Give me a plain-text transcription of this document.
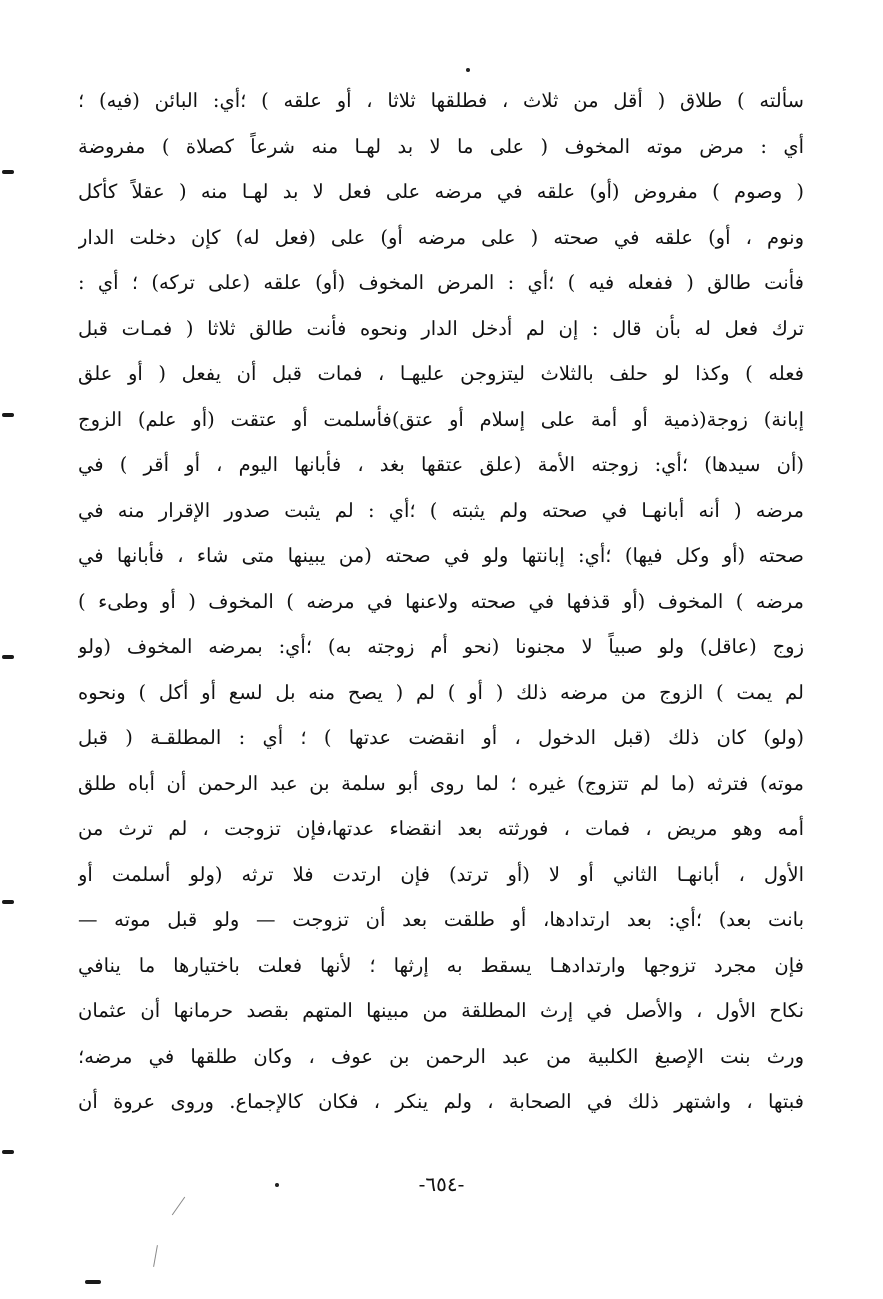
سألته ) طلاق ( أقل من ثلاث ، فطلقها ثلاثا ، أو علقه ) ؛أي: البائن (فيه) ؛
أي : مرض موته المخوف ( على ما لا بد لهـا منه شرعاً كصلاة ) مفروضة
( وصوم ) مفروض (أو) علقه في مرضه على فعل لا بد لهـا منه ( عقلاً كأكل
ونوم ، أو) علقه في صحته ( على مرضه أو) على (فعل له) كإن دخلت الدار
فأنت طالق ( ففعله فيه ) ؛أي : المرض المخوف (أو) علقه (على تركه) ؛ أي :
ترك فعل له بأن قال : إن لم أدخل الدار ونحوه فأنت طالق ثلاثا ( فمـات قبل
فعله ) وكذا لو حلف بالثلاث ليتزوجن عليهـا ، فمات قبل أن يفعل ( أو علق
إبانة) زوجة(ذمية أو أمة على إسلام أو عتق)فأسلمت أو عتقت (أو علم) الزوج
(أن سيدها) ؛أي: زوجته الأمة (علق عتقها بغد ، فأبانها اليوم ، أو أقر ) في
مرضه ( أنه أبانهـا في صحته ولم يثبته ) ؛أي : لم يثبت صدور الإقرار منه في
صحته (أو وكل فيها) ؛أي: إبانتها ولو في صحته (من يبينها متى شاء ، فأبانها في
مرضه ) المخوف (أو قذفها في صحته ولاعنها في مرضه ) المخوف ( أو وطىء )
زوج (عاقل) ولو صبياً لا مجنونا (نحو أم زوجته به) ؛أي: بمرضه المخوف (ولو
لم يمت ) الزوج من مرضه ذلك ( أو ) لم ( يصح منه بل لسع أو أكل ) ونحوه
(ولو) كان ذلك (قبل الدخول ، أو انقضت عدتها ) ؛ أي : المطلقـة ( قبل
موته) فترثه (ما لم تتزوج) غيره ؛ لما روى أبو سلمة بن عبد الرحمن أن أباه طلق
أمه وهو مريض ، فمات ، فورثته بعد انقضاء عدتها،فإن تزوجت ، لم ترث من
الأول ، أبانهـا الثاني أو لا (أو ترتد) فإن ارتدت فلا ترثه (ولو أسلمت أو
بانت بعد) ؛أي: بعد ارتدادها، أو طلقت بعد أن تزوجت — ولو قبل موته —
فإن مجرد تزوجها وارتدادهـا يسقط به إرثها ؛ لأنها فعلت باختيارها ما ينافي
نكاح الأول ، والأصل في إرث المطلقة من مبينها المتهم بقصد حرمانها أن عثمان
ورث بنت الإصبغ الكلبية من عبد الرحمن بن عوف ، وكان طلقها في مرضه؛
فبتها ، واشتهر ذلك في الصحابة ، ولم ينكر ، فكان كالإجماع. وروى عروة أن
-٦٥٤-
